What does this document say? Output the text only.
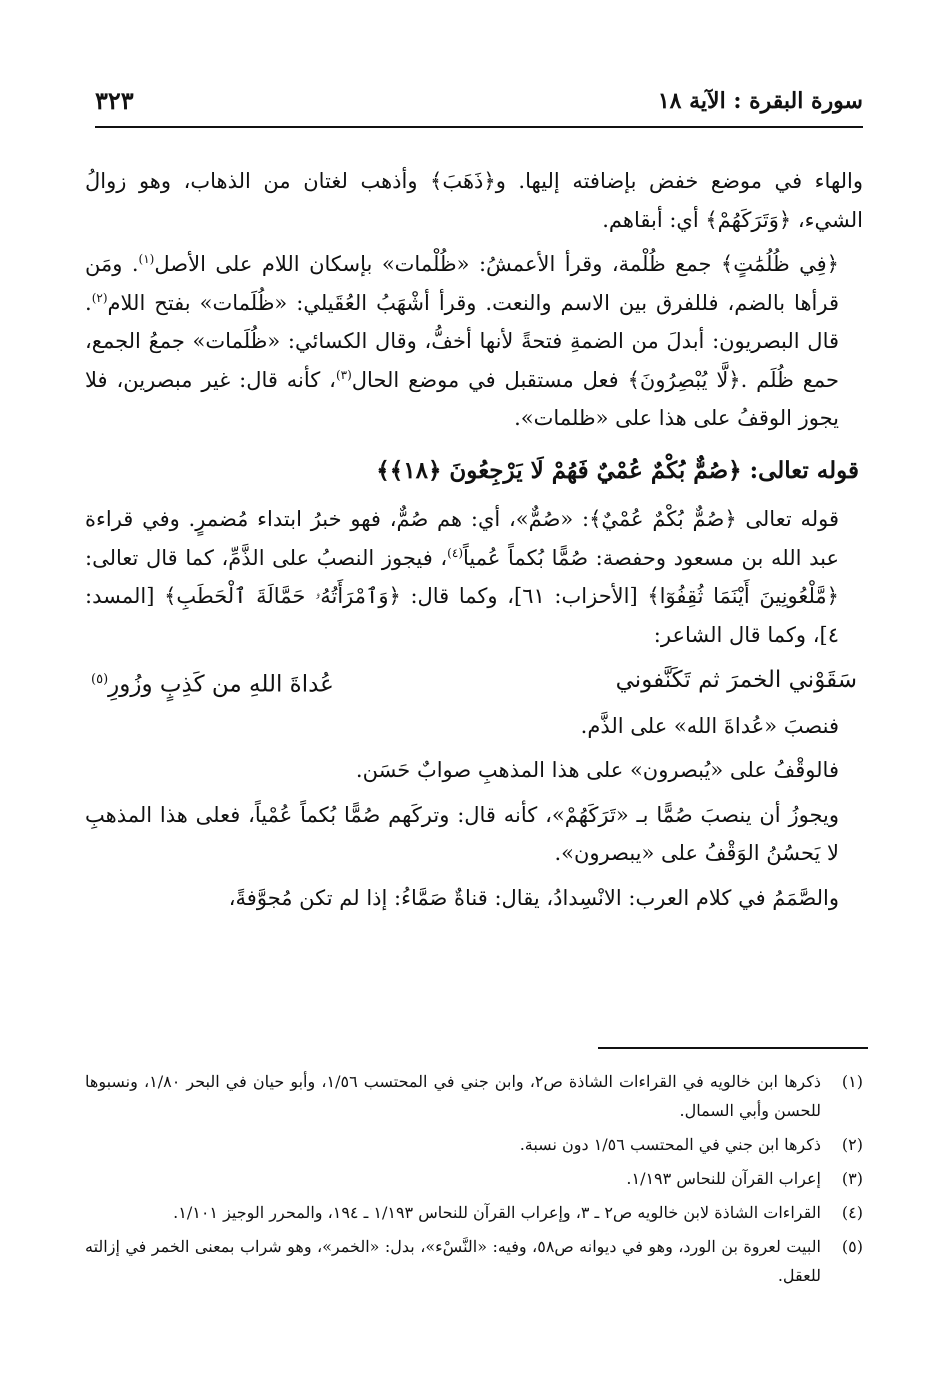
سورة البقرة : الآية ١٨
٣٢٣

والهاء في موضع خفض بإضافته إليها. و﴿ذَهَبَ﴾ وأذهب لغتان من الذهاب، وهو زوالُ الشيء، ﴿وَتَرَكَهُمْ﴾ أي: أبقاهم.

﴿فِي ظُلُمَٰتٍ﴾ جمع ظُلْمة، وقرأ الأعمشُ: «ظُلْمات» بإسكان اللام على الأصل$^{(١)}$. ومَن قرأها بالضم، فللفرق بين الاسم والنعت. وقرأ أشْهَبُ العُقَيلي: «ظُلَمات» بفتح اللام$^{(٢)}$. قال البصريون: أبدلَ من الضمةِ فتحةً لأنها أخفُّ، وقال الكسائي: «ظُلَمات» جمعُ الجمع، حمع ظُلَم .﴿لَّا يُبْصِرُونَ﴾ فعل مستقبل في موضع الحال$^{(٣)}$، كأنه قال: غير مبصرين، فلا يجوز الوقفُ على هذا على «ظلمات».

قوله تعالى: ﴿صُمٌّ بُكْمٌ عُمْيٌ فَهُمْ لَا يَرْجِعُونَ ﴿١٨﴾﴾

قوله تعالى ﴿صُمٌّ بُكْمٌ عُمْيٌ﴾: «صُمٌّ»، أي: هم صُمٌّ، فهو خبرُ ابتداء مُضمرٍ. وفي قراءة عبد الله بن مسعود وحفصة: صُمًّا بُكماً عُمياً$^{(٤)}$، فيجوز النصبُ على الذَّمِّ، كما قال تعالى: ﴿مَّلْعُونِينَ أَيْنَمَا ثُقِفُوٓا﴾ [الأحزاب: ٦١]، وكما قال: ﴿وَٱمْرَأَتُهُۥ حَمَّالَةَ ٱلْحَطَبِ﴾ [المسد: ٤]، وكما قال الشاعر:

سَقَوْني الخمرَ ثم تَكَنَّفوني
عُداةَ اللهِ من كَذِبٍ وزُورِ$^{(٥)}$

فنصبَ «عُداةَ الله» على الذَّم.

فالوقْفُ على «يُبصرون» على هذا المذهبِ صوابٌ حَسَن.

ويجوزُ أن ينصبَ صُمًّا بـ «تَرَكَهُمْ»، كأنه قال: وتركَهم صُمًّا بُكماً عُمْياً، فعلى هذا المذهبِ لا يَحسُنُ الوَقْفُ على «يبصرون».

والصَّمَمُ في كلام العرب: الانْسِدادُ، يقال: قناةٌ صَمَّاءُ: إذا لم تكن مُجوَّفةً،

(١)
ذكرها ابن خالويه في القراءات الشاذة ص٢، وابن جني في المحتسب ١/٥٦، وأبو حيان في البحر ١/٨٠، ونسبوها للحسن وأبي السمال.
(٢)
ذكرها ابن جني في المحتسب ١/٥٦ دون نسبة.
(٣)
إعراب القرآن للنحاس ١/١٩٣.
(٤)
القراءات الشاذة لابن خالويه ص٢ ـ ٣، وإعراب القرآن للنحاس ١/١٩٣ ـ ١٩٤، والمحرر الوجيز ١/١٠١.
(٥)
البيت لعروة بن الورد، وهو في ديوانه ص٥٨، وفيه: «النَّسْء»، بدل: «الخمر»، وهو شراب بمعنى الخمر في إزالته للعقل.
